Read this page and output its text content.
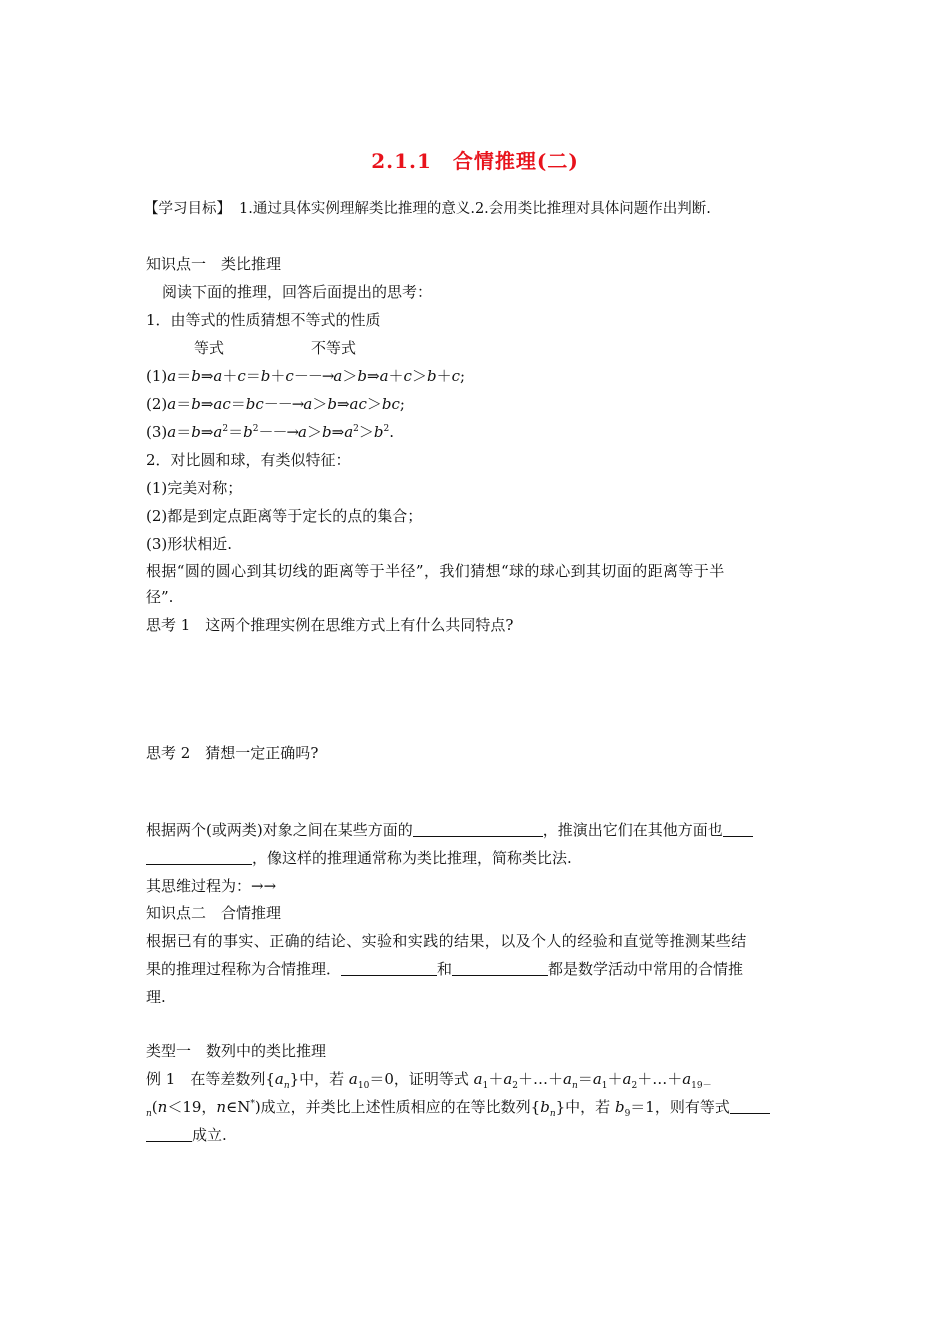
2.1.1　合情推理(二)
【学习目标】 1.通过具体实例理解类比推理的意义.2.会用类比推理对具体问题作出判断.
知识点一　类比推理
阅读下面的推理，回答后面提出的思考：
1．由等式的性质猜想不等式的性质
等式	不等式
(1)a＝b⇒a＋c＝b＋c－－→a＞b⇒a＋c＞b＋c;
(2)a＝b⇒ac＝bc－－→a＞b⇒ac＞bc;
$(3)a=b\Rightarrow a^2=b^2--\to a>b\Rightarrow a^2>b^2$.
2．对比圆和球，有类似特征：
(1)完美对称；
(2)都是到定点距离等于定长的点的集合；
(3)形状相近.
根据“圆的圆心到其切线的距离等于半径”，我们猜想“球的球心到其切面的距离等于半
径”.
思考 1　这两个推理实例在思维方式上有什么共同特点?
思考 2　猜想一定正确吗?
根据两个(或两类)对象之间在某些方面的	，推演出它们在其他方面也
，像这样的推理通常称为类比推理，简称类比法.
其思维过程为：→→
知识点二　合情推理
根据已有的事实、正确的结论、实验和实践的结果，以及个人的经验和直觉等推测某些结
果的推理过程称为合情推理．	和	都是数学活动中常用的合情推
理.
类型一　数列中的类比推理
例 1　在等差数列$\{a_n\}$中，若 $a_{10}=0$，证明等式 $a_1+a_2+\dots+a_n=a_1+a_2+\dots+a_{19-}$
$_n$(n＜19，n∈N*)成立，并类比上述性质相应的在等比数列$\{b_n\}$中，若 $b_9=1$，则有等式
成立.
